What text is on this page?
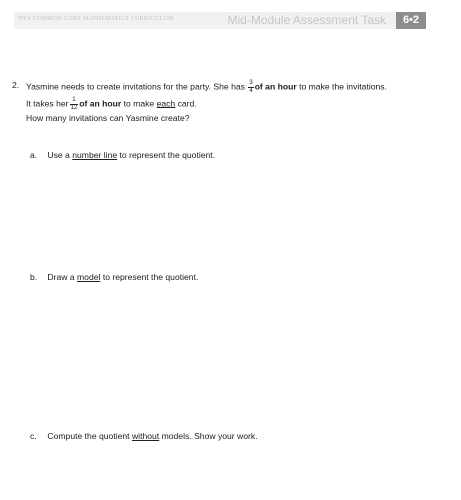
NYS COMMON CORE MATHEMATICS CURRICULUM	Mid-Module Assessment Task	6•2
2. Yasmine needs to create invitations for the party. She has $\frac{3}{4}$ of an hour to make the invitations.
It takes her $\frac{1}{12}$ of an hour to make each card.
How many invitations can Yasmine create?
a. Use a number line to represent the quotient.
b. Draw a model to represent the quotient.
c. Compute the quotient without models. Show your work.
